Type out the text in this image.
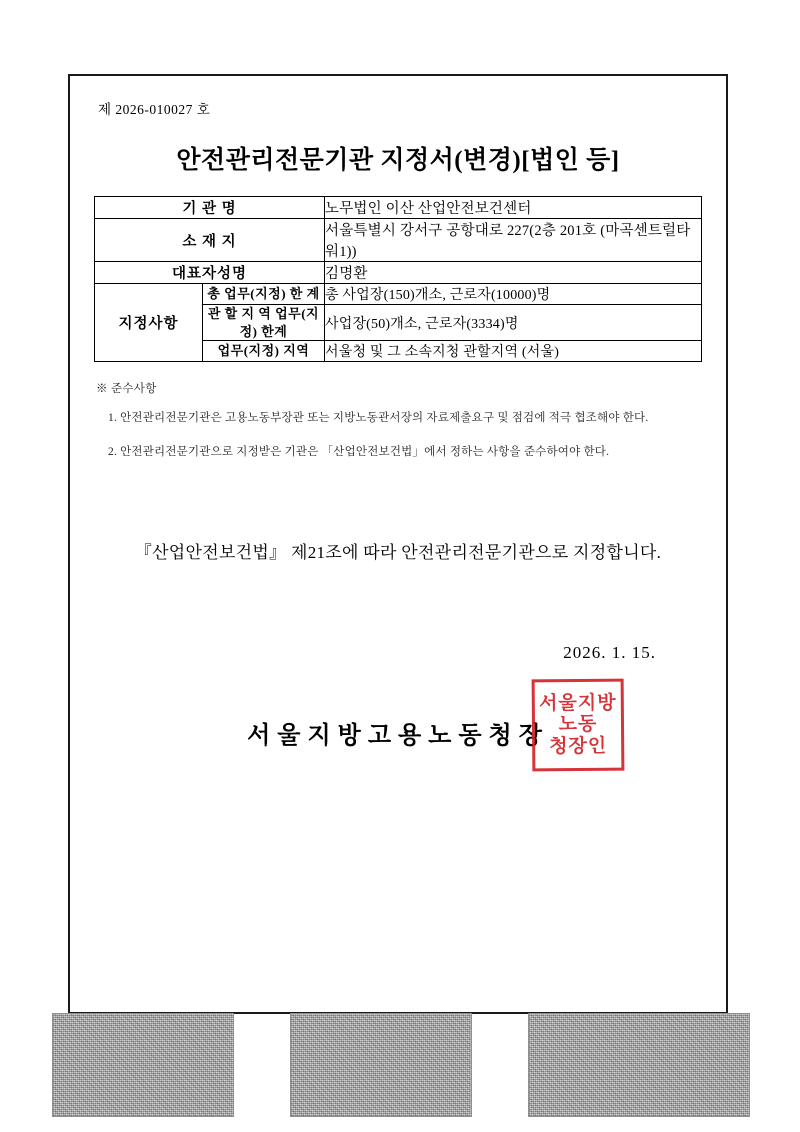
제 2026-010027 호
안전관리전문기관 지정서(변경)[법인 등]
기 관 명		노무법인 이산 산업안전보건센터
소 재 지		서울특별시 강서구 공항대로 227(2층 201호 (마곡센트럴타워1))
대표자성명		김명환
지정사항	총 업무(지정) 한 계	총 사업장(150)개소, 근로자(10000)명
	관 할 지 역 업무(지정) 한계	사업장(50)개소, 근로자(3334)명
	업무(지정) 지역	서울청 및 그 소속지청 관할지역 (서울)

※ 준수사항

1. 안전관리전문기관은 고용노동부장관 또는 지방노동관서장의 자료제출요구 및 점검에 적극 협조해야 한다.

2. 안전관리전문기관으로 지정받은 기관은 「산업안전보건법」에서 정하는 사항을 준수하여야 한다.

『산업안전보건법』 제21조에 따라 안전관리전문기관으로 지정합니다.
2026. 1. 15.
서울지방고용노동청장
서울지방
노동
청장인
